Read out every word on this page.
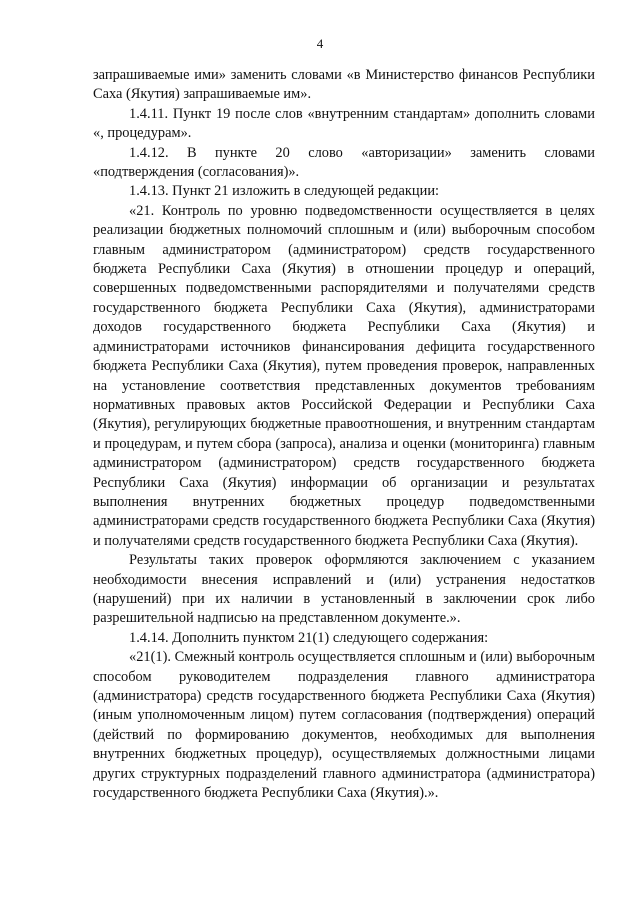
4

запрашиваемые ими» заменить словами «в Министерство финансов Республики Саха (Якутия) запрашиваемые им».

1.4.11. Пункт 19 после слов «внутренним стандартам» дополнить словами «, процедурам».

1.4.12. В пункте 20 слово «авторизации» заменить словами «подтверждения (согласования)».

1.4.13. Пункт 21 изложить в следующей редакции:

«21. Контроль по уровню подведомственности осуществляется в целях реализации бюджетных полномочий сплошным и (или) выборочным способом главным администратором (администратором) средств государственного бюджета Республики Саха (Якутия) в отношении процедур и операций, совершенных подведомственными распорядителями и получателями средств государственного бюджета Республики Саха (Якутия), администраторами доходов государственного бюджета Республики Саха (Якутия) и администраторами источников финансирования дефицита государственного бюджета Республики Саха (Якутия), путем проведения проверок, направленных на установление соответствия представленных документов требованиям нормативных правовых актов Российской Федерации и Республики Саха (Якутия), регулирующих бюджетные правоотношения, и внутренним стандартам и процедурам, и путем сбора (запроса), анализа и оценки (мониторинга) главным администратором (администратором) средств государственного бюджета Республики Саха (Якутия) информации об организации и результатах выполнения внутренних бюджетных процедур подведомственными администраторами средств государственного бюджета Республики Саха (Якутия) и получателями средств государственного бюджета Республики Саха (Якутия).

Результаты таких проверок оформляются заключением с указанием необходимости внесения исправлений и (или) устранения недостатков (нарушений) при их наличии в установленный в заключении срок либо разрешительной надписью на представленном документе.».

1.4.14. Дополнить пунктом 21(1) следующего содержания:

«21(1). Смежный контроль осуществляется сплошным и (или) выборочным способом руководителем подразделения главного администратора (администратора) средств государственного бюджета Республики Саха (Якутия) (иным уполномоченным лицом) путем согласования (подтверждения) операций (действий по формированию документов, необходимых для выполнения внутренних бюджетных процедур), осуществляемых должностными лицами других структурных подразделений главного администратора (администратора) государственного бюджета Республики Саха (Якутия).».
